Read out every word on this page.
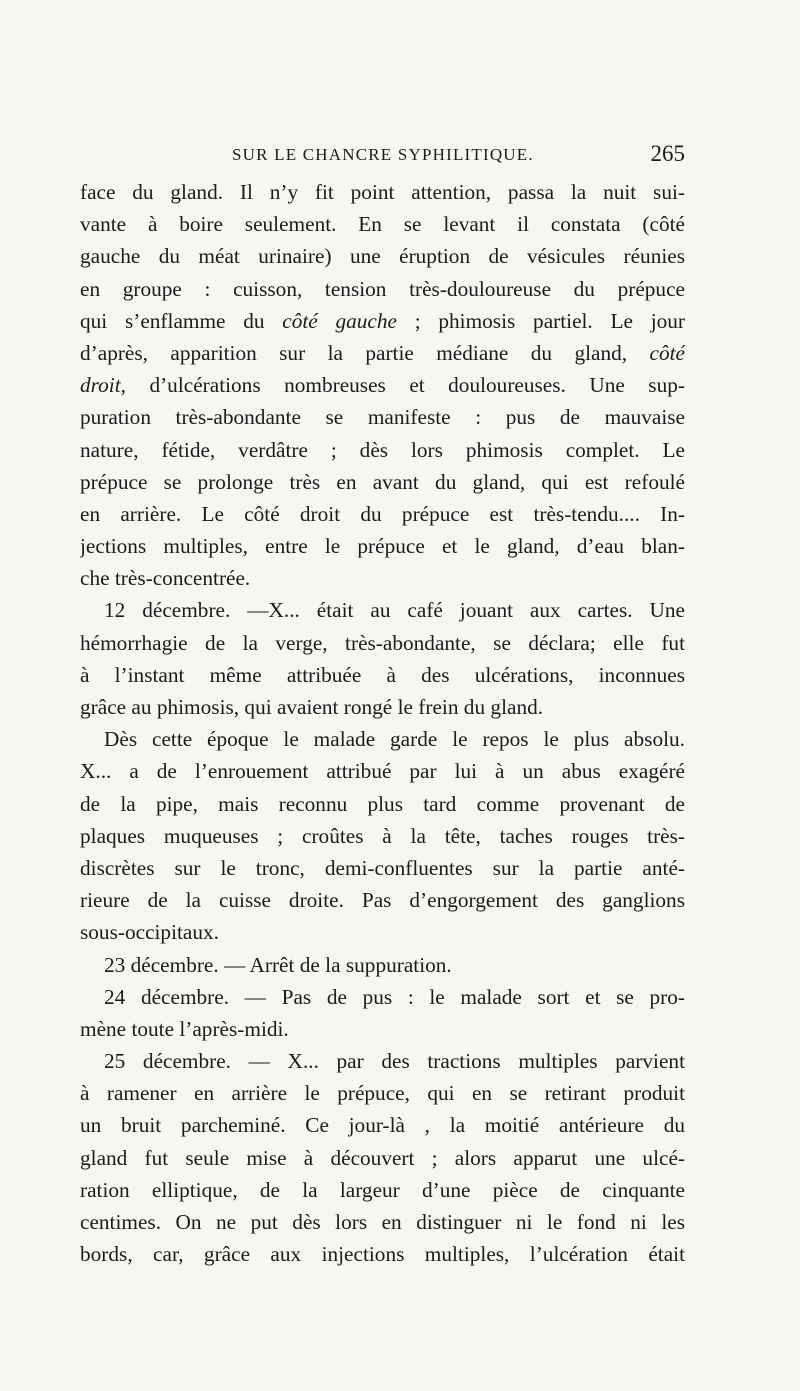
SUR LE CHANCRE SYPHILITIQUE.	265
face du gland. Il n’y fit point attention, passa la nuit sui-
vante à boire seulement. En se levant il constata (côté
gauche du méat urinaire) une éruption de vésicules réunies
en groupe : cuisson, tension très-douloureuse du prépuce
qui s’enflamme du côté gauche ; phimosis partiel. Le jour
d’après, apparition sur la partie médiane du gland, côté
droit, d’ulcérations nombreuses et douloureuses. Une sup-
puration très-abondante se manifeste : pus de mauvaise
nature, fétide, verdâtre ; dès lors phimosis complet. Le
prépuce se prolonge très en avant du gland, qui est refoulé
en arrière. Le côté droit du prépuce est très-tendu.... In-
jections multiples, entre le prépuce et le gland, d’eau blan-
che très-concentrée.
12 décembre. —X... était au café jouant aux cartes. Une
hémorrhagie de la verge, très-abondante, se déclara; elle fut
à l’instant même attribuée à des ulcérations, inconnues
grâce au phimosis, qui avaient rongé le frein du gland.
Dès cette époque le malade garde le repos le plus absolu.
X... a de l’enrouement attribué par lui à un abus exagéré
de la pipe, mais reconnu plus tard comme provenant de
plaques muqueuses ; croûtes à la tête, taches rouges très-
discrètes sur le tronc, demi-confluentes sur la partie anté-
rieure de la cuisse droite. Pas d’engorgement des ganglions
sous-occipitaux.
23 décembre. — Arrêt de la suppuration.
24 décembre. — Pas de pus : le malade sort et se pro-
mène toute l’après-midi.
25 décembre. — X... par des tractions multiples parvient
à ramener en arrière le prépuce, qui en se retirant produit
un bruit parcheminé. Ce jour-là , la moitié antérieure du
gland fut seule mise à découvert ; alors apparut une ulcé-
ration elliptique, de la largeur d’une pièce de cinquante
centimes. On ne put dès lors en distinguer ni le fond ni les
bords, car, grâce aux injections multiples, l’ulcération était
